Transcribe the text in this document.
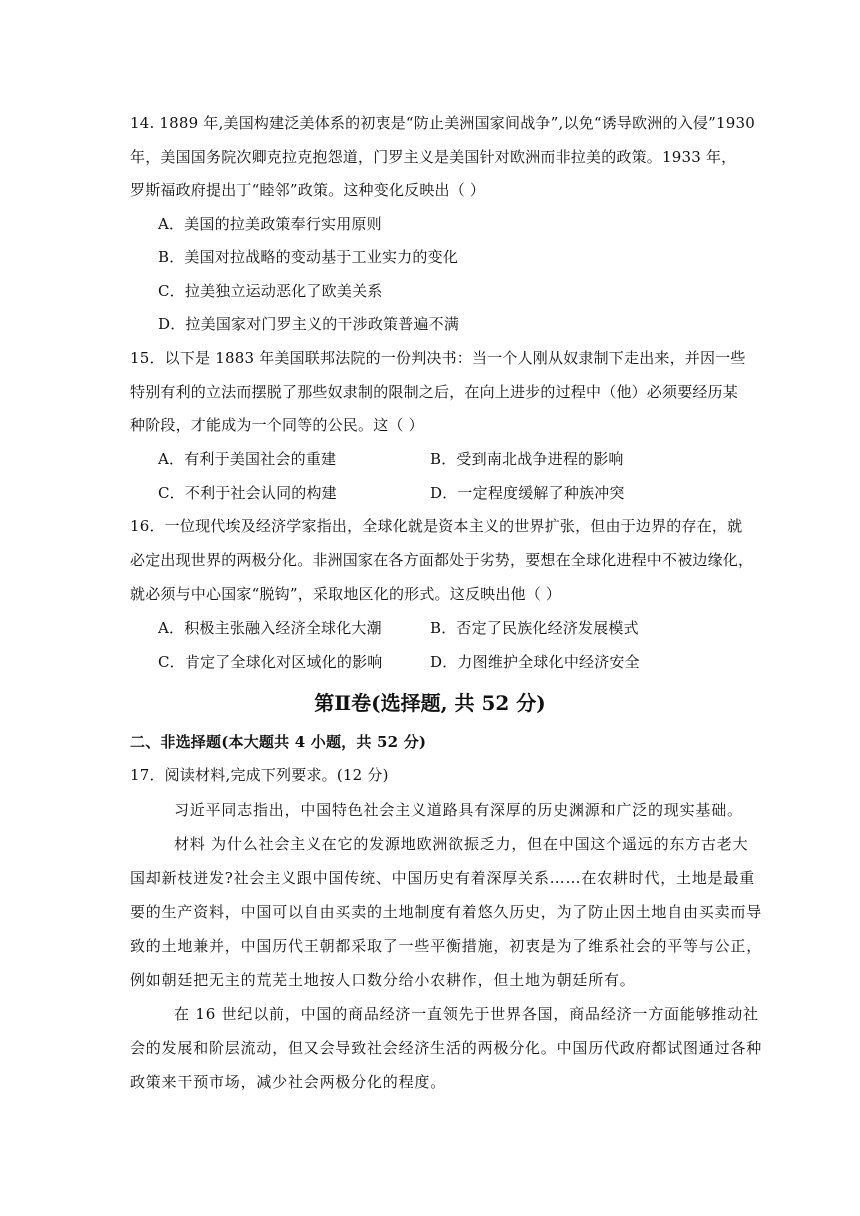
14. 1889 年,美国构建泛美体系的初衷是“防止美洲国家间战争”,以免“诱导欧洲的入侵”1930
年，美国国务院次卿克拉克抱怨道，门罗主义是美国针对欧洲而非拉美的政策。1933 年，
罗斯福政府提出丁“睦邻”政策。这种变化反映出（ ）
A．美国的拉美政策奉行实用原则
B．美国对拉战略的变动基于工业实力的变化
C．拉美独立运动恶化了欧美关系
D．拉美国家对门罗主义的干涉政策普遍不满
15．以下是 1883 年美国联邦法院的一份判决书：当一个人刚从奴隶制下走出来，并因一些
特别有利的立法而摆脱了那些奴隶制的限制之后，在向上进步的过程中（他）必须要经历某
种阶段，才能成为一个同等的公民。这（ ）
A．有利于美国社会的重建	B．受到南北战争进程的影响
C．不利于社会认同的构建	D．一定程度缓解了种族冲突
16．一位现代埃及经济学家指出，全球化就是资本主义的世界扩张，但由于边界的存在，就
必定出现世界的两极分化。非洲国家在各方面都处于劣势，要想在全球化进程中不被边缘化，
就必须与中心国家“脱钩”，采取地区化的形式。这反映出他（ ）
A．积极主张融入经济全球化大潮	B．否定了民族化经济发展模式
C．肯定了全球化对区域化的影响	D．力图维护全球化中经济安全
第Ⅱ卷(选择题, 共 52 分)
二、非选择题(本大题共 4 小题，共 52 分)
17．阅读材料,完成下列要求。(12 分)
习近平同志指出，中国特色社会主义道路具有深厚的历史渊源和广泛的现实基础。
材料 为什么社会主义在它的发源地欧洲欲振乏力，但在中国这个遥远的东方古老大
国却新枝迸发?社会主义跟中国传统、中国历史有着深厚关系……在农耕时代，土地是最重
要的生产资料，中国可以自由买卖的土地制度有着悠久历史，为了防止因土地自由买卖而导
致的土地兼并，中国历代王朝都采取了一些平衡措施，初衷是为了维系社会的平等与公正，
例如朝廷把无主的荒芜土地按人口数分给小农耕作，但土地为朝廷所有。
在 16 世纪以前，中国的商品经济一直领先于世界各国，商品经济一方面能够推动社
会的发展和阶层流动，但又会导致社会经济生活的两极分化。中国历代政府都试图通过各种
政策来干预市场，减少社会两极分化的程度。
